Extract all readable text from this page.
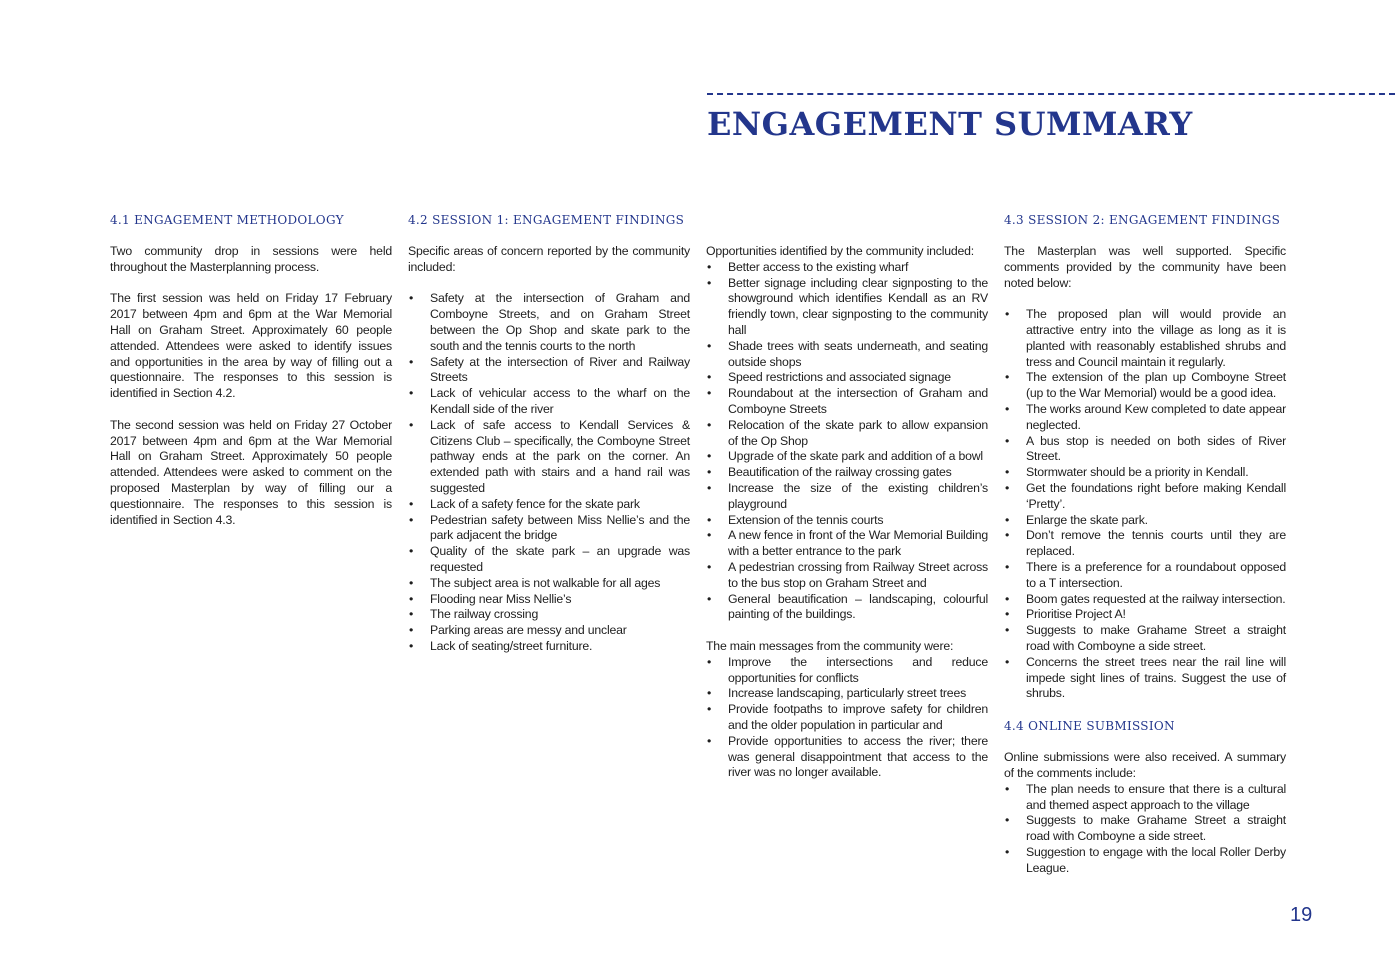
ENGAGEMENT SUMMARY
4.1 ENGAGEMENT METHODOLOGY

Two community drop in sessions were held throughout the Masterplanning process.

The first session was held on Friday 17 February 2017 between 4pm and 6pm at the War Memorial Hall on Graham Street. Approximately 60 people attended. Attendees were asked to identify issues and opportunities in the area by way of filling out a questionnaire. The responses to this session is identified in Section 4.2.

The second session was held on Friday 27 October 2017 between 4pm and 6pm at the War Memorial Hall on Graham Street. Approximately 50 people attended. Attendees were asked to comment on the proposed Masterplan by way of filling our a questionnaire. The responses to this session is identified in Section 4.3.

4.2 SESSION 1: ENGAGEMENT FINDINGS

Specific areas of concern reported by the community included:

• Safety at the intersection of Graham and Comboyne Streets, and on Graham Street between the Op Shop and skate park to the south and the tennis courts to the north
• Safety at the intersection of River and Railway Streets
• Lack of vehicular access to the wharf on the Kendall side of the river
• Lack of safe access to Kendall Services & Citizens Club – specifically, the Comboyne Street pathway ends at the park on the corner. An extended path with stairs and a hand rail was suggested
• Lack of a safety fence for the skate park
• Pedestrian safety between Miss Nellie’s and the park adjacent the bridge
• Quality of the skate park – an upgrade was requested
• The subject area is not walkable for all ages
• Flooding near Miss Nellie’s
• The railway crossing
• Parking areas are messy and unclear
• Lack of seating/street furniture.

Opportunities identified by the community included:

• Better access to the existing wharf
• Better signage including clear signposting to the showground which identifies Kendall as an RV friendly town, clear signposting to the community hall
• Shade trees with seats underneath, and seating outside shops
• Speed restrictions and associated signage
• Roundabout at the intersection of Graham and Comboyne Streets
• Relocation of the skate park to allow expansion of the Op Shop
• Upgrade of the skate park and addition of a bowl
• Beautification of the railway crossing gates
• Increase the size of the existing children’s playground
• Extension of the tennis courts
• A new fence in front of the War Memorial Building with a better entrance to the park
• A pedestrian crossing from Railway Street across to the bus stop on Graham Street and
• General beautification – landscaping, colourful painting of the buildings.

The main messages from the community were:

• Improve the intersections and reduce opportunities for conflicts
• Increase landscaping, particularly street trees
• Provide footpaths to improve safety for children and the older population in particular and
• Provide opportunities to access the river; there was general disappointment that access to the river was no longer available.
4.3 SESSION 2: ENGAGEMENT FINDINGS

The Masterplan was well supported. Specific comments provided by the community have been noted below:

• The proposed plan will would provide an attractive entry into the village as long as it is planted with reasonably established shrubs and tress and Council maintain it regularly.
• The extension of the plan up Comboyne Street (up to the War Memorial) would be a good idea.
• The works around Kew completed to date appear neglected.
• A bus stop is needed on both sides of River Street.
• Stormwater should be a priority in Kendall.
• Get the foundations right before making Kendall ‘Pretty’.
• Enlarge the skate park.
• Don’t remove the tennis courts until they are replaced.
• There is a preference for a roundabout opposed to a T intersection.
• Boom gates requested at the railway intersection.
• Prioritise Project A!
• Suggests to make Grahame Street a straight road with Comboyne a side street.
• Concerns the street trees near the rail line will impede sight lines of trains. Suggest the use of shrubs.
4.4 ONLINE SUBMISSION

Online submissions were also received. A summary of the comments include:

• The plan needs to ensure that there is a cultural and themed aspect approach to the village
• Suggests to make Grahame Street a straight road with Comboyne a side street.
• Suggestion to engage with the local Roller Derby League.
19
